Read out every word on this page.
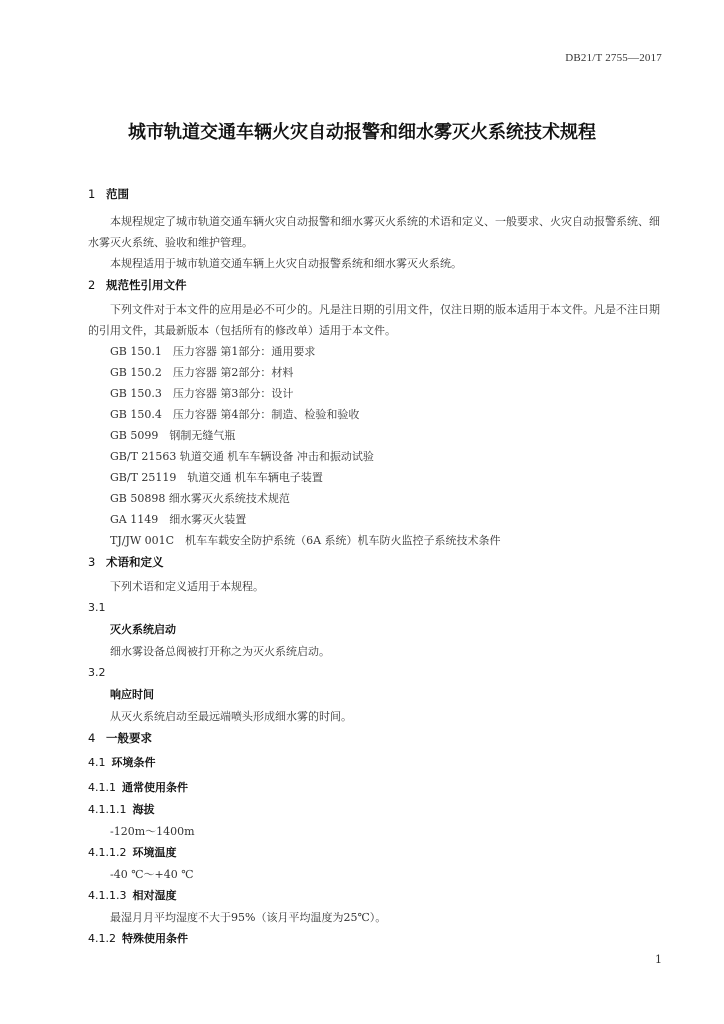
DB21/T 2755—2017
城市轨道交通车辆火灾自动报警和细水雾灭火系统技术规程
1 范围

本规程规定了城市轨道交通车辆火灾自动报警和细水雾灭火系统的术语和定义、一般要求、火灾自动报警系统、细水雾灭火系统、验收和维护管理。

本规程适用于城市轨道交通车辆上火灾自动报警系统和细水雾灭火系统。

2 规范性引用文件

下列文件对于本文件的应用是必不可少的。凡是注日期的引用文件，仅注日期的版本适用于本文件。凡是不注日期的引用文件，其最新版本（包括所有的修改单）适用于本文件。

GB 150.1　压力容器 第1部分：通用要求
GB 150.2　压力容器 第2部分：材料
GB 150.3　压力容器 第3部分：设计
GB 150.4　压力容器 第4部分：制造、检验和验收
GB 5099　钢制无缝气瓶
GB/T 21563 轨道交通 机车车辆设备 冲击和振动试验
GB/T 25119　轨道交通 机车车辆电子装置
GB 50898 细水雾灭火系统技术规范
GA 1149　细水雾灭火装置
TJ/JW 001C　机车车载安全防护系统（6A 系统）机车防火监控子系统技术条件
3 术语和定义

下列术语和定义适用于本规程。

3.1
灭火系统启动

细水雾设备总阀被打开称之为灭火系统启动。

3.2
响应时间

从灭火系统启动至最远端喷头形成细水雾的时间。

4 一般要求
4.1 环境条件
4.1.1 通常使用条件
4.1.1.1 海拔

-120m～1400m

4.1.1.2 环境温度

-40 ℃～+40 ℃

4.1.1.3 相对湿度

最湿月月平均湿度不大于95%（该月平均温度为25℃）。

4.1.2 特殊使用条件
1
